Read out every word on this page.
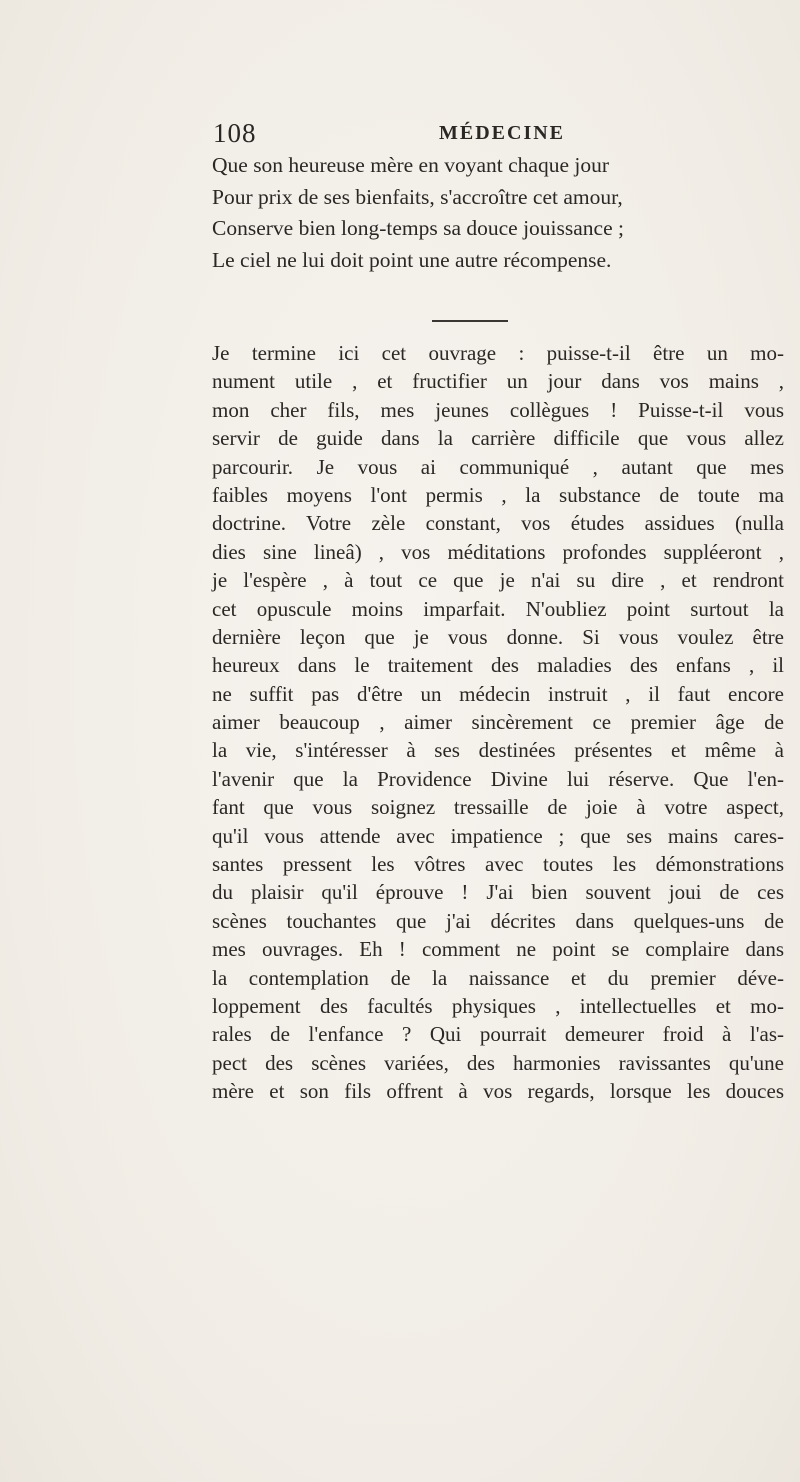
108	MÉDECINE
Que son heureuse mère en voyant chaque jour
Pour prix de ses bienfaits, s'accroître cet amour,
Conserve bien long-temps sa douce jouissance ;
Le ciel ne lui doit point une autre récompense.
Je termine ici cet ouvrage : puisse-t-il être un mo-
nument utile , et fructifier un jour dans vos mains ,
mon cher fils, mes jeunes collègues ! Puisse-t-il vous
servir de guide dans la carrière difficile que vous allez
parcourir. Je vous ai communiqué , autant que mes
faibles moyens l'ont permis , la substance de toute ma
doctrine. Votre zèle constant, vos études assidues (nulla
dies sine lineâ) , vos méditations profondes suppléeront ,
je l'espère , à tout ce que je n'ai su dire , et rendront
cet opuscule moins imparfait. N'oubliez point surtout la
dernière leçon que je vous donne. Si vous voulez être
heureux dans le traitement des maladies des enfans , il
ne suffit pas d'être un médecin instruit , il faut encore
aimer beaucoup , aimer sincèrement ce premier âge de
la vie, s'intéresser à ses destinées présentes et même à
l'avenir que la Providence Divine lui réserve. Que l'en-
fant que vous soignez tressaille de joie à votre aspect,
qu'il vous attende avec impatience ; que ses mains cares-
santes pressent les vôtres avec toutes les démonstrations
du plaisir qu'il éprouve ! J'ai bien souvent joui de ces
scènes touchantes que j'ai décrites dans quelques-uns de
mes ouvrages. Eh ! comment ne point se complaire dans
la contemplation de la naissance et du premier déve-
loppement des facultés physiques , intellectuelles et mo-
rales de l'enfance ? Qui pourrait demeurer froid à l'as-
pect des scènes variées, des harmonies ravissantes qu'une
mère et son fils offrent à vos regards, lorsque les douces
